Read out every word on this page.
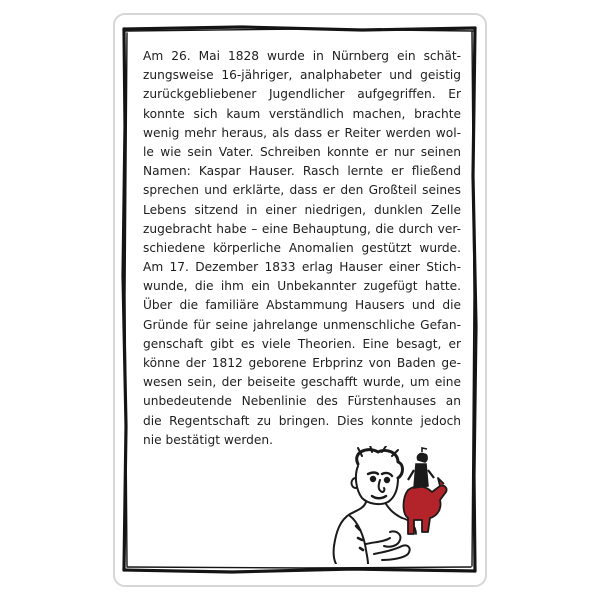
Am 26. Mai 1828 wurde in Nürnberg ein schät-
zungsweise 16-jähriger, analphabeter und geistig
zurückgebliebener Jugendlicher aufgegriffen. Er
konnte sich kaum verständlich machen, brachte
wenig mehr heraus, als dass er Reiter werden wol-
le wie sein Vater. Schreiben konnte er nur seinen
Namen: Kaspar Hauser. Rasch lernte er fließend
sprechen und erklärte, dass er den Großteil seines
Lebens sitzend in einer niedrigen, dunklen Zelle
zugebracht habe – eine Behauptung, die durch ver-
schiedene körperliche Anomalien gestützt wurde.
Am 17. Dezember 1833 erlag Hauser einer Stich-
wunde, die ihm ein Unbekannter zugefügt hatte.
Über die familiäre Abstammung Hausers und die
Gründe für seine jahrelange unmenschliche Gefan-
genschaft gibt es viele Theorien. Eine besagt, er
könne der 1812 geborene Erbprinz von Baden ge-
wesen sein, der beiseite geschafft wurde, um eine
unbedeutende Nebenlinie des Fürstenhauses an
die Regentschaft zu bringen. Dies konnte jedoch
nie bestätigt werden.
